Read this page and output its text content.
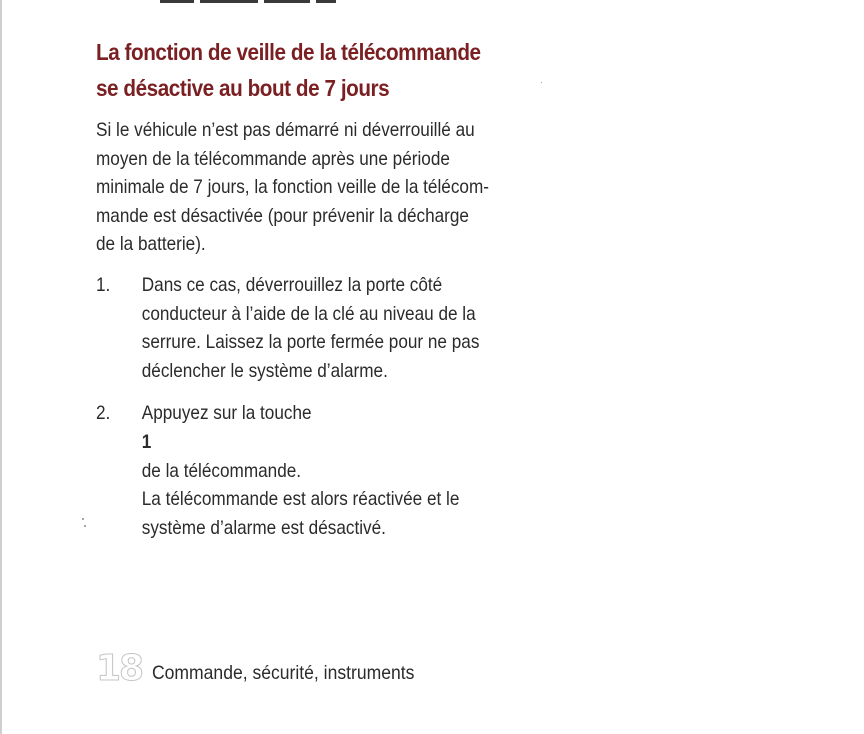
La fonction de veille de la télécommande
se désactive au bout de 7 jours

Si le véhicule n’est pas démarré ni déverrouillé au
moyen de la télécommande après une période
minimale de 7 jours, la fonction veille de la télécom-
mande est désactivée (pour prévenir la décharge
de la batterie).

1.	Dans ce cas, déverrouillez la porte côté
conducteur à l’aide de la clé au niveau de la
serrure. Laissez la porte fermée pour ne pas
déclencher le système d’alarme.
2.	Appuyez sur la touche
1
de la télécommande.
La télécommande est alors réactivée et le
système d’alarme est désactivé.
18 Commande, sécurité, instruments
